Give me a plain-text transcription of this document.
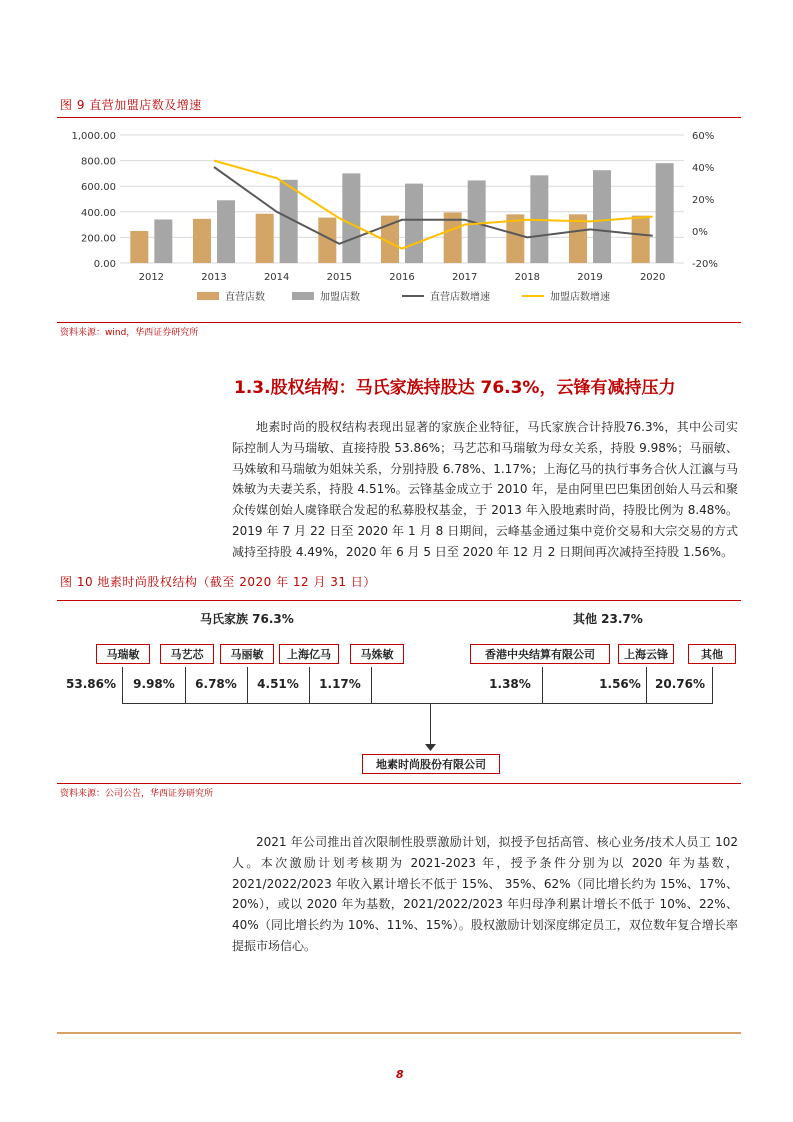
图 9 直营加盟店数及增速
1,000.00
800.00
600.00
400.00
200.00
0.00
60%
40%
20%
0%
-20%
2012	2013	2014	2015	2016	2017	2018	2019	2020
直营店数	加盟店数	直营店数增速	加盟店数增速
资料来源：wind，华西证券研究所
1.3.股权结构：马氏家族持股达 76.3%，云锋有减持压力

地素时尚的股权结构表现出显著的家族企业特征，马氏家族合计持股76.3%，其中公司实际控制人为马瑞敏、直接持股 53.86%；马艺芯和马瑞敏为母女关系，持股 9.98%；马丽敏、马姝敏和马瑞敏为姐妹关系，分别持股 6.78%、1.17%；上海亿马的执行事务合伙人江瀛与马姝敏为夫妻关系，持股 4.51%。云锋基金成立于 2010 年，是由阿里巴巴集团创始人马云和聚众传媒创始人虞锋联合发起的私募股权基金，于 2013 年入股地素时尚，持股比例为 8.48%。2019 年 7 月 22 日至 2020 年 1 月 8 日期间，云峰基金通过集中竞价交易和大宗交易的方式减持至持股 4.49%，2020 年 6 月 5 日至 2020 年 12 月 2 日期间再次减持至持股 1.56%。

图 10 地素时尚股权结构（截至 2020 年 12 月 31 日）
马氏家族 76.3%	其他 23.7%
马瑞敏	马艺芯	马丽敏	上海亿马	马姝敏	香港中央结算有限公司	上海云锋	其他
53.86%	9.98%	6.78%	4.51%	1.17%	1.38%	1.56%	20.76%
地素时尚股份有限公司
资料来源：公司公告，华西证券研究所

2021 年公司推出首次限制性股票激励计划，拟授予包括高管、核心业务/技术人员工 102 人。本次激励计划考核期为 2021-2023 年，授予条件分别为以 2020 年为基数，2021/2022/2023 年收入累计增长不低于 15%、 35%、62%（同比增长约为 15%、17%、20%），或以 2020 年为基数，2021/2022/2023 年归母净利累计增长不低于 10%、22%、40%（同比增长约为 10%、11%、15%）。股权激励计划深度绑定员工，双位数年复合增长率提振市场信心。

8
